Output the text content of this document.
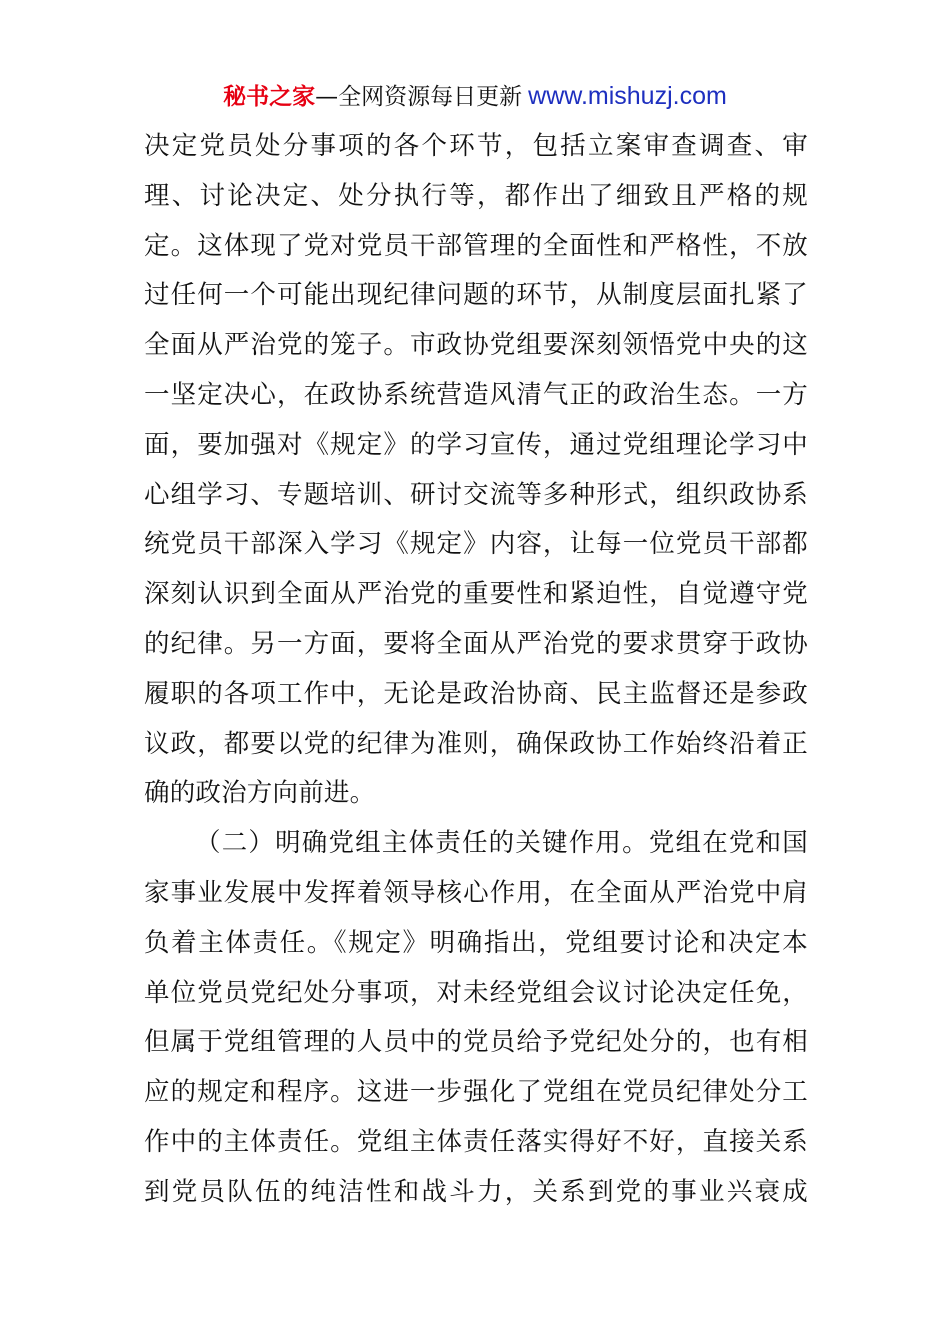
秘书之家—全网资源每日更新 www.mishuzj.com
决定党员处分事项的各个环节，包括立案审查调查、审
理、讨论决定、处分执行等，都作出了细致且严格的规
定。这体现了党对党员干部管理的全面性和严格性，不放
过任何一个可能出现纪律问题的环节，从制度层面扎紧了
全面从严治党的笼子。市政协党组要深刻领悟党中央的这
一坚定决心，在政协系统营造风清气正的政治生态。一方
面，要加强对《规定》的学习宣传，通过党组理论学习中
心组学习、专题培训、研讨交流等多种形式，组织政协系
统党员干部深入学习《规定》内容，让每一位党员干部都
深刻认识到全面从严治党的重要性和紧迫性，自觉遵守党
的纪律。另一方面，要将全面从严治党的要求贯穿于政协
履职的各项工作中，无论是政治协商、民主监督还是参政
议政，都要以党的纪律为准则，确保政协工作始终沿着正
确的政治方向前进。
（二）明确党组主体责任的关键作用。党组在党和国
家事业发展中发挥着领导核心作用，在全面从严治党中肩
负着主体责任。《规定》明确指出，党组要讨论和决定本
单位党员党纪处分事项，对未经党组会议讨论决定任免，
但属于党组管理的人员中的党员给予党纪处分的，也有相
应的规定和程序。这进一步强化了党组在党员纪律处分工
作中的主体责任。党组主体责任落实得好不好，直接关系
到党员队伍的纯洁性和战斗力，关系到党的事业兴衰成
